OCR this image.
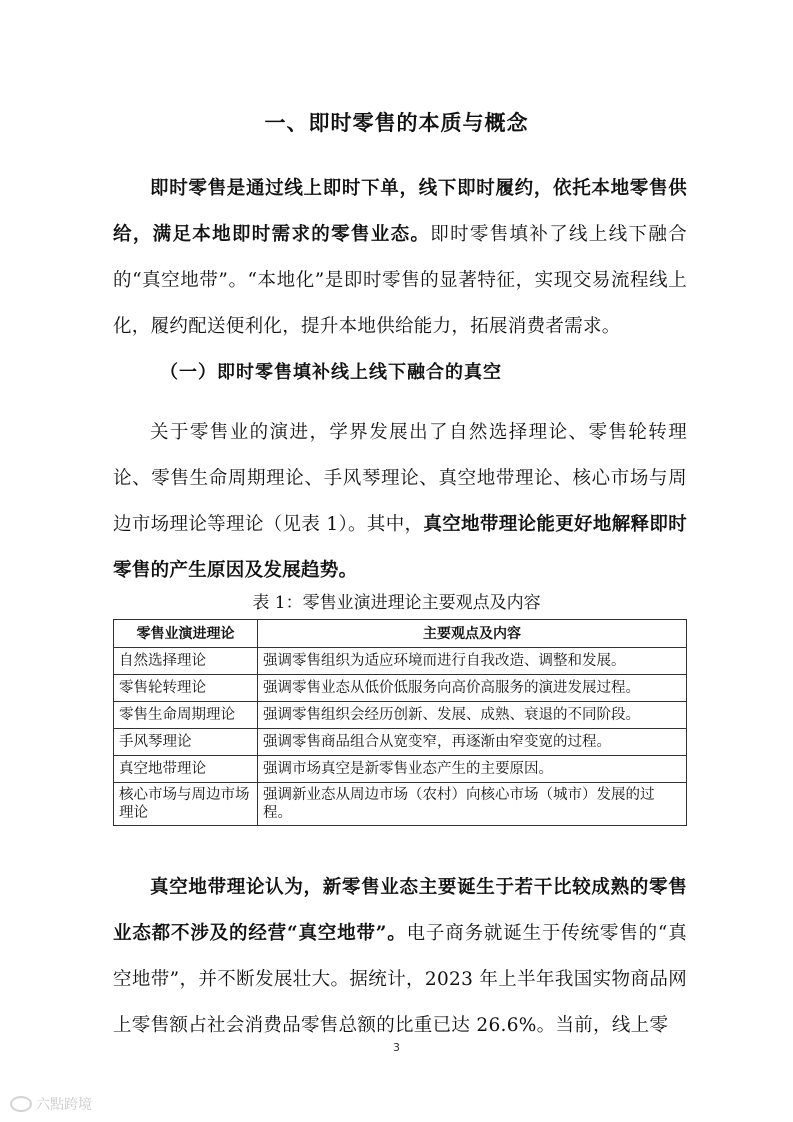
一、即时零售的本质与概念

即时零售是通过线上即时下单，线下即时履约，依托本地零售供给，满足本地即时需求的零售业态。即时零售填补了线上线下融合的“真空地带”。“本地化”是即时零售的显著特征，实现交易流程线上化，履约配送便利化，提升本地供给能力，拓展消费者需求。

（一）即时零售填补线上线下融合的真空

关于零售业的演进，学界发展出了自然选择理论、零售轮转理论、零售生命周期理论、手风琴理论、真空地带理论、核心市场与周边市场理论等理论（见表 1）。其中，真空地带理论能更好地解释即时零售的产生原因及发展趋势。

表 1：零售业演进理论主要观点及内容
零售业演进理论	主要观点及内容
自然选择理论	强调零售组织为适应环境而进行自我改造、调整和发展。
零售轮转理论	强调零售业态从低价低服务向高价高服务的演进发展过程。
零售生命周期理论	强调零售组织会经历创新、发展、成熟、衰退的不同阶段。
手风琴理论	强调零售商品组合从宽变窄，再逐渐由窄变宽的过程。
真空地带理论	强调市场真空是新零售业态产生的主要原因。
核心市场与周边市场理论	强调新业态从周边市场（农村）向核心市场（城市）发展的过程。

真空地带理论认为，新零售业态主要诞生于若干比较成熟的零售业态都不涉及的经营“真空地带”。电子商务就诞生于传统零售的“真空地带”，并不断发展壮大。据统计，2023 年上半年我国实物商品网上零售额占社会消费品零售总额的比重已达 26.6%。当前，线上零

3
六點跨境
